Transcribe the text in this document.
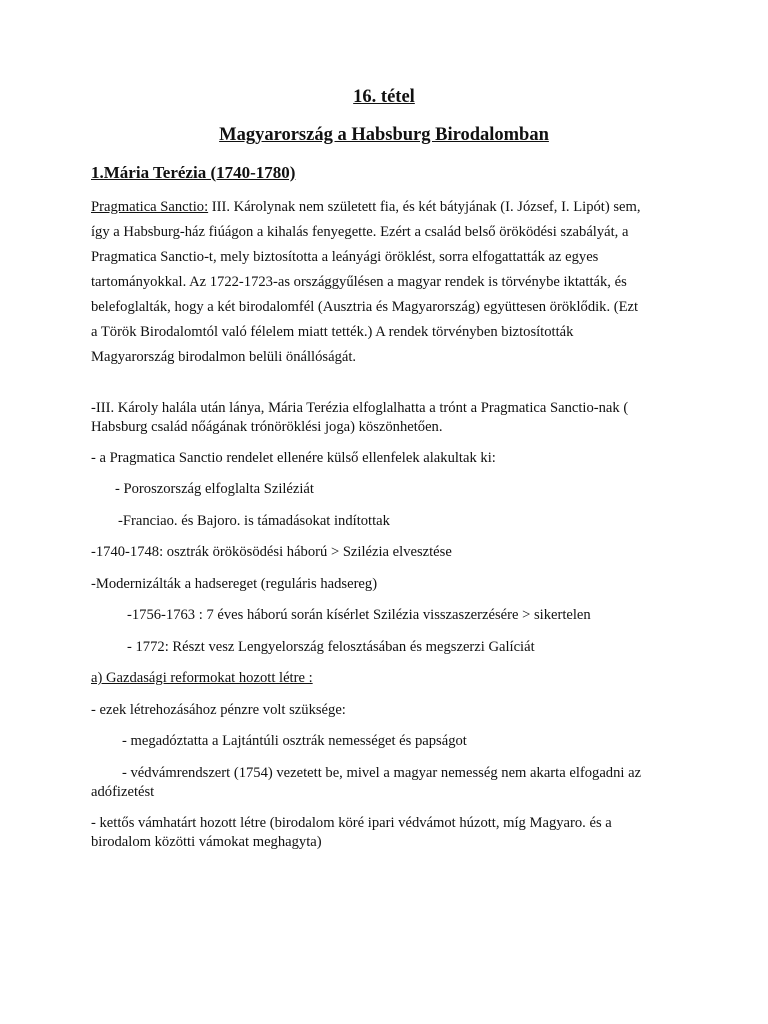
16. tétel
Magyarország a Habsburg Birodalomban
1.Mária Terézia (1740-1780)
Pragmatica Sanctio: III. Károlynak nem született fia, és két bátyjának (I. József, I. Lipót) sem,
így a Habsburg-ház fiúágon a kihalás fenyegette. Ezért a család belső öröködési szabályát, a
Pragmatica Sanctio-t, mely biztosította a leányági öröklést, sorra elfogattatták az egyes
tartományokkal. Az 1722-1723-as országgyűlésen a magyar rendek is törvénybe iktatták, és
belefoglalták, hogy a két birodalomfél (Ausztria és Magyarország) együttesen öröklődik. (Ezt
a Török Birodalomtól való félelem miatt tették.) A rendek törvényben biztosították
Magyarország birodalmon belüli önállóságát.
-III. Károly halála után lánya, Mária Terézia elfoglalhatta a trónt a Pragmatica Sanctio-nak (
Habsburg család nőágának trónöröklési joga) köszönhetően.
- a Pragmatica Sanctio rendelet ellenére külső ellenfelek alakultak ki:
- Poroszország elfoglalta Sziléziát
-Franciao. és Bajoro. is támadásokat indítottak
-1740-1748: osztrák örökösödési háború > Szilézia elvesztése
-Modernizálták a hadsereget (reguláris hadsereg)
-1756-1763 : 7 éves háború során kísérlet Szilézia visszaszerzésére > sikertelen
- 1772: Részt vesz Lengyelország felosztásában és megszerzi Galíciát
a) Gazdasági reformokat hozott létre :
- ezek létrehozásához pénzre volt szüksége:
- megadóztatta a Lajtántúli osztrák nemességet és papságot
- védvámrendszert (1754) vezetett be, mivel a magyar nemesség nem akarta elfogadni az
adófizetést
- kettős vámhatárt hozott létre (birodalom köré ipari védvámot húzott, míg Magyaro. és a
birodalom közötti vámokat meghagyta)
